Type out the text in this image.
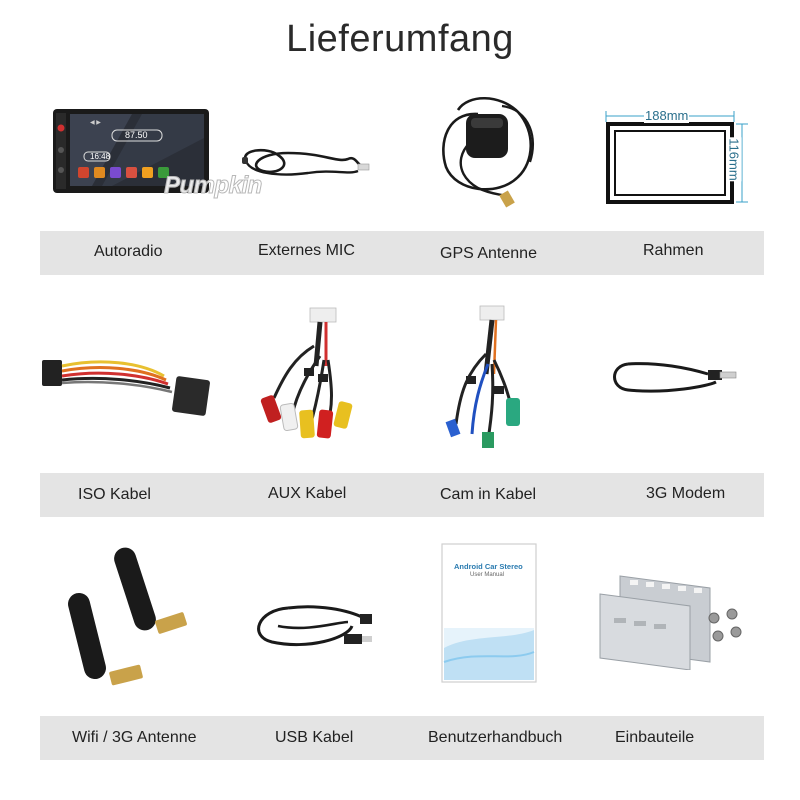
Lieferumfang
◀ ▶
87.50
16:48
Pumpkin
188mm
116mm
Autoradio	Externes MIC	GPS Antenne	Rahmen
ISO Kabel	AUX Kabel	Cam in Kabel	3G Modem
Android Car Stereo
User Manual
Wifi / 3G Antenne	USB Kabel	Benutzerhandbuch	Einbauteile
